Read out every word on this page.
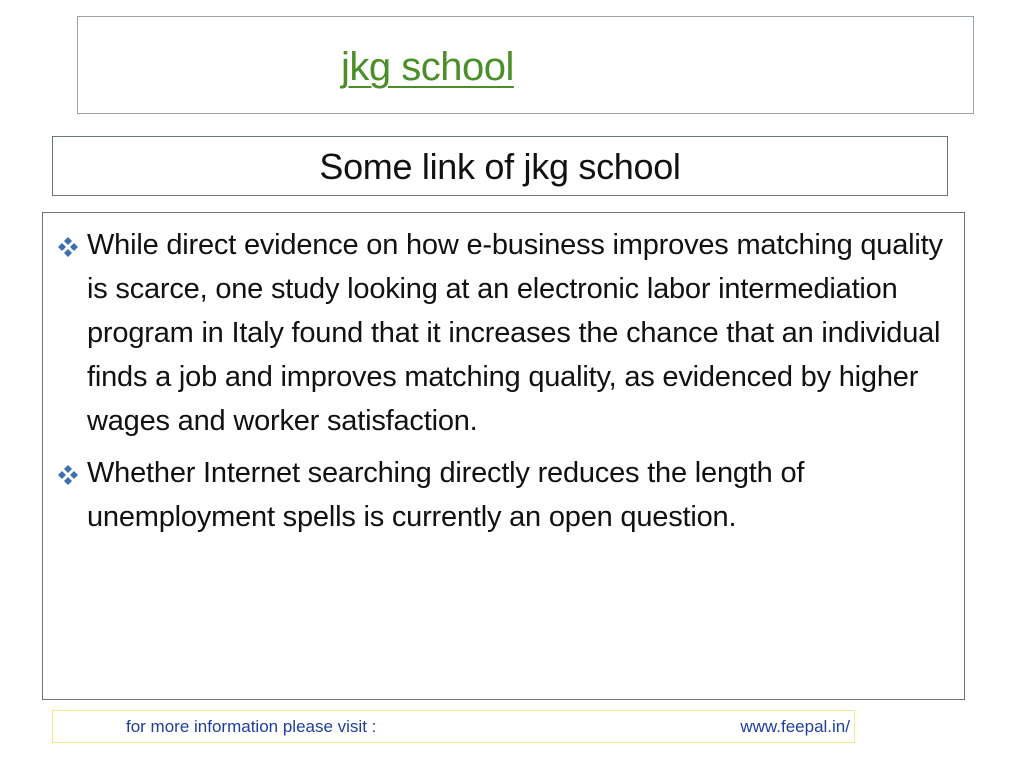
jkg school
Some link of jkg school
While direct evidence on how e-business improves matching quality is scarce, one study looking at an electronic labor intermediation program in Italy found that it increases the chance that an individual finds a job and improves matching quality, as evidenced by higher wages and worker satisfaction.
Whether Internet searching directly reduces the length of unemployment spells is currently an open question.
for more information please visit :	www.feepal.in/
